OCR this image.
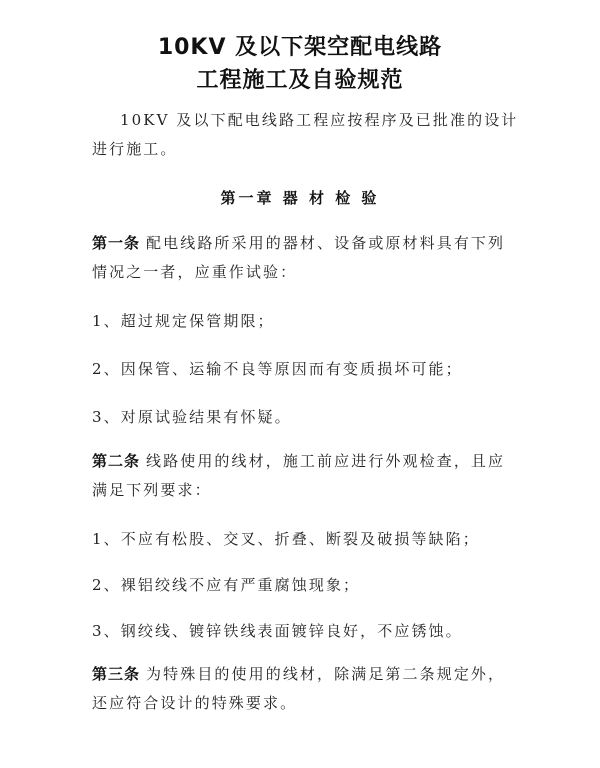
10KV 及以下架空配电线路
工程施工及自验规范
10KV 及以下配电线路工程应按程序及已批准的设计进行施工。
第一章 器 材 检 验
第一条 配电线路所采用的器材、设备或原材料具有下列情况之一者，应重作试验：
1、超过规定保管期限；
2、因保管、运输不良等原因而有变质损坏可能；
3、对原试验结果有怀疑。
第二条 线路使用的线材，施工前应进行外观检查，且应满足下列要求：
1、不应有松股、交叉、折叠、断裂及破损等缺陷；
2、裸铝绞线不应有严重腐蚀现象；
3、钢绞线、镀锌铁线表面镀锌良好，不应锈蚀。
第三条 为特殊目的使用的线材，除满足第二条规定外，还应符合设计的特殊要求。
